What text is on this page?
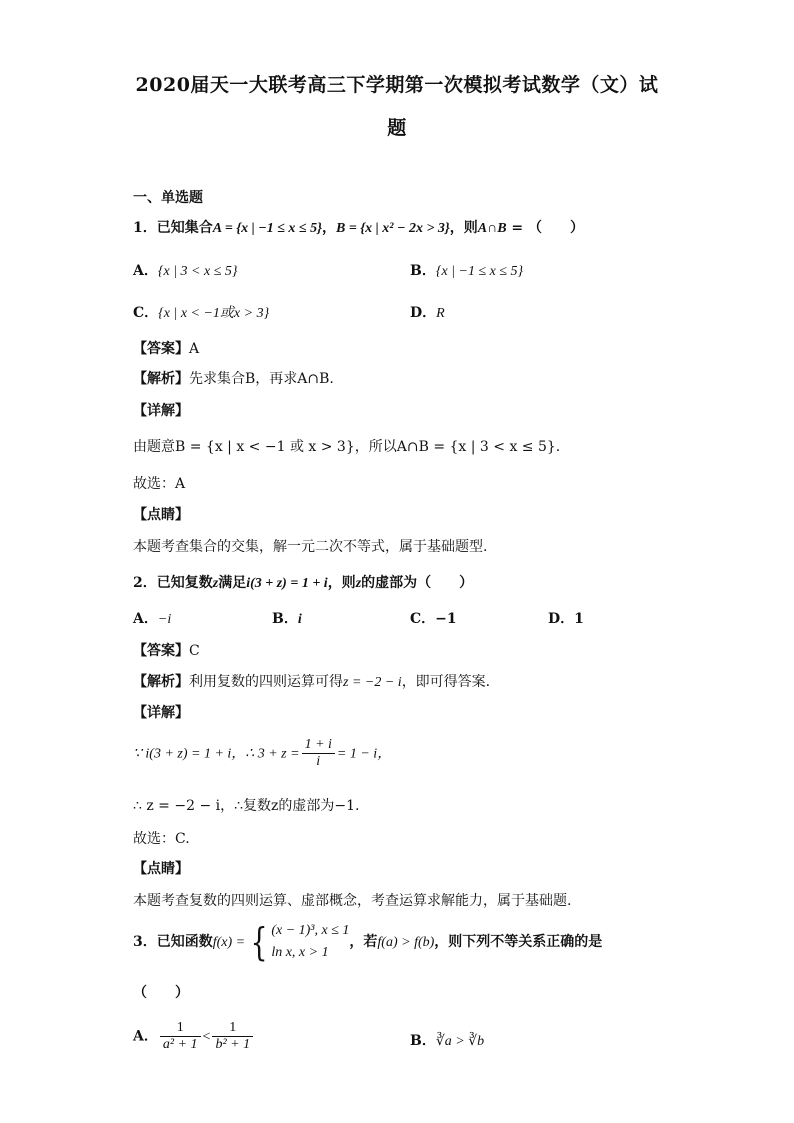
2020届天一大联考高三下学期第一次模拟考试数学（文）试
题
一、单选题
1．已知集合A = {x | −1 ≤ x ≤ 5}，B = {x | x² − 2x > 3}，则A∩B = （　　）
A．{x | 3 < x ≤ 5}	B．{x | −1 ≤ x ≤ 5}
C．{x | x < −1或x > 3}	D．R
【答案】A
【解析】先求集合B，再求A∩B.
【详解】
由题意B = {x | x < −1 或 x > 3}，所以A∩B = {x | 3 < x ≤ 5}.
故选：A
【点睛】
本题考查集合的交集，解一元二次不等式，属于基础题型.
2．已知复数z满足i(3 + z) = 1 + i，则z的虚部为（　　）
A．−i	B．i	C．−1	D．1
【答案】C
【解析】利用复数的四则运算可得z = −2 − i，即可得答案.
【详解】
∵ i(3 + z) = 1 + i，∴ $3 + z = \frac{1 + i}{i} = 1 - i$，
∴ z = −2 − i，∴复数z的虚部为−1.
故选：C.
【点睛】
本题考查复数的四则运算、虚部概念，考查运算求解能力，属于基础题.
3．已知函数f(x) = { (x − 1)³, x ≤ 1
ln x, x > 1
，若f(a) > f(b)，则下列不等关系正确的是
（　　）
A． $\frac{1}{\text{a² + 1}} < \frac{1}{\text{b² + 1}}$	B．∛a > ∛b
